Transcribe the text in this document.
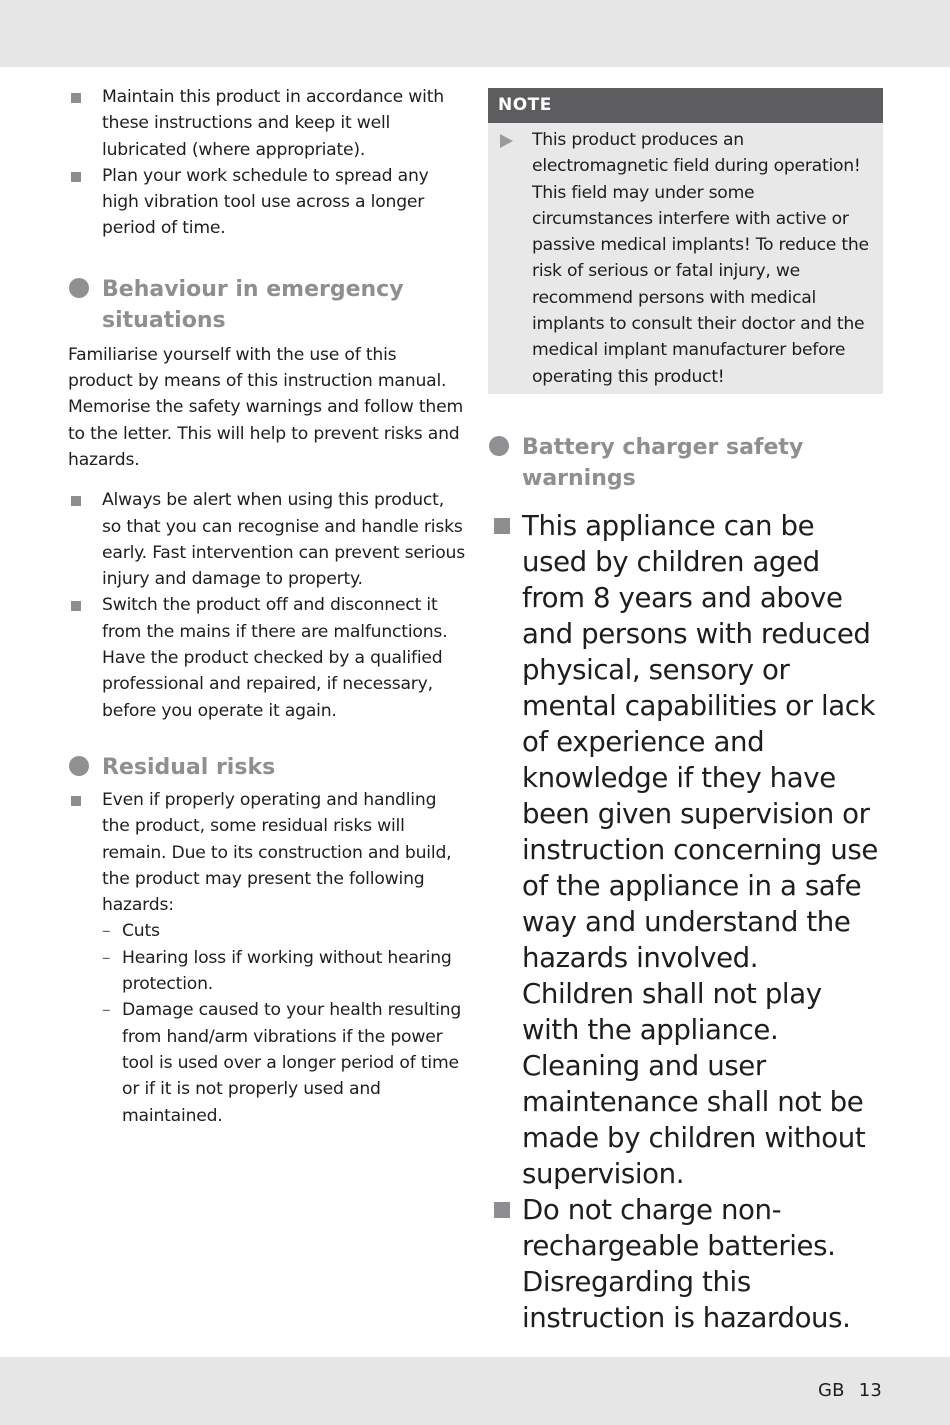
Maintain this product in accordance with these instructions and keep it well lubricated (where appropriate).
Plan your work schedule to spread any high vibration tool use across a longer period of time.
Behaviour in emergency
situations

Familiarise yourself with the use of this product by means of this instruction manual. Memorise the safety warnings and follow them to the letter. This will help to prevent risks and hazards.

Always be alert when using this product, so that you can recognise and handle risks early. Fast intervention can prevent serious injury and damage to property.
Switch the product off and disconnect it from the mains if there are malfunctions. Have the product checked by a qualified professional and repaired, if necessary, before you operate it again.
Residual risks
Even if properly operating and handling the product, some residual risks will remain. Due to its construction and build, the product may present the following hazards:
– Cuts
– Hearing loss if working without hearing protection.
– Damage caused to your health resulting from hand/arm vibrations if the power tool is used over a longer period of time or if it is not properly used and maintained.
NOTE
This product produces an electromagnetic field during operation! This field may under some circumstances interfere with active or passive medical implants! To reduce the risk of serious or fatal injury, we recommend persons with medical implants to consult their doctor and the medical implant manufacturer before operating this product!
Battery charger safety
warnings
This appliance can be used by children aged from 8 years and above and persons with reduced physical, sensory or mental capabilities or lack of experience and knowledge if they have been given supervision or instruction concerning use of the appliance in a safe way and understand the hazards involved.
Children shall not play with the appliance.
Cleaning and user maintenance shall not be made by children without supervision.
Do not charge non-rechargeable batteries.
Disregarding this instruction is hazardous.
GB 13
